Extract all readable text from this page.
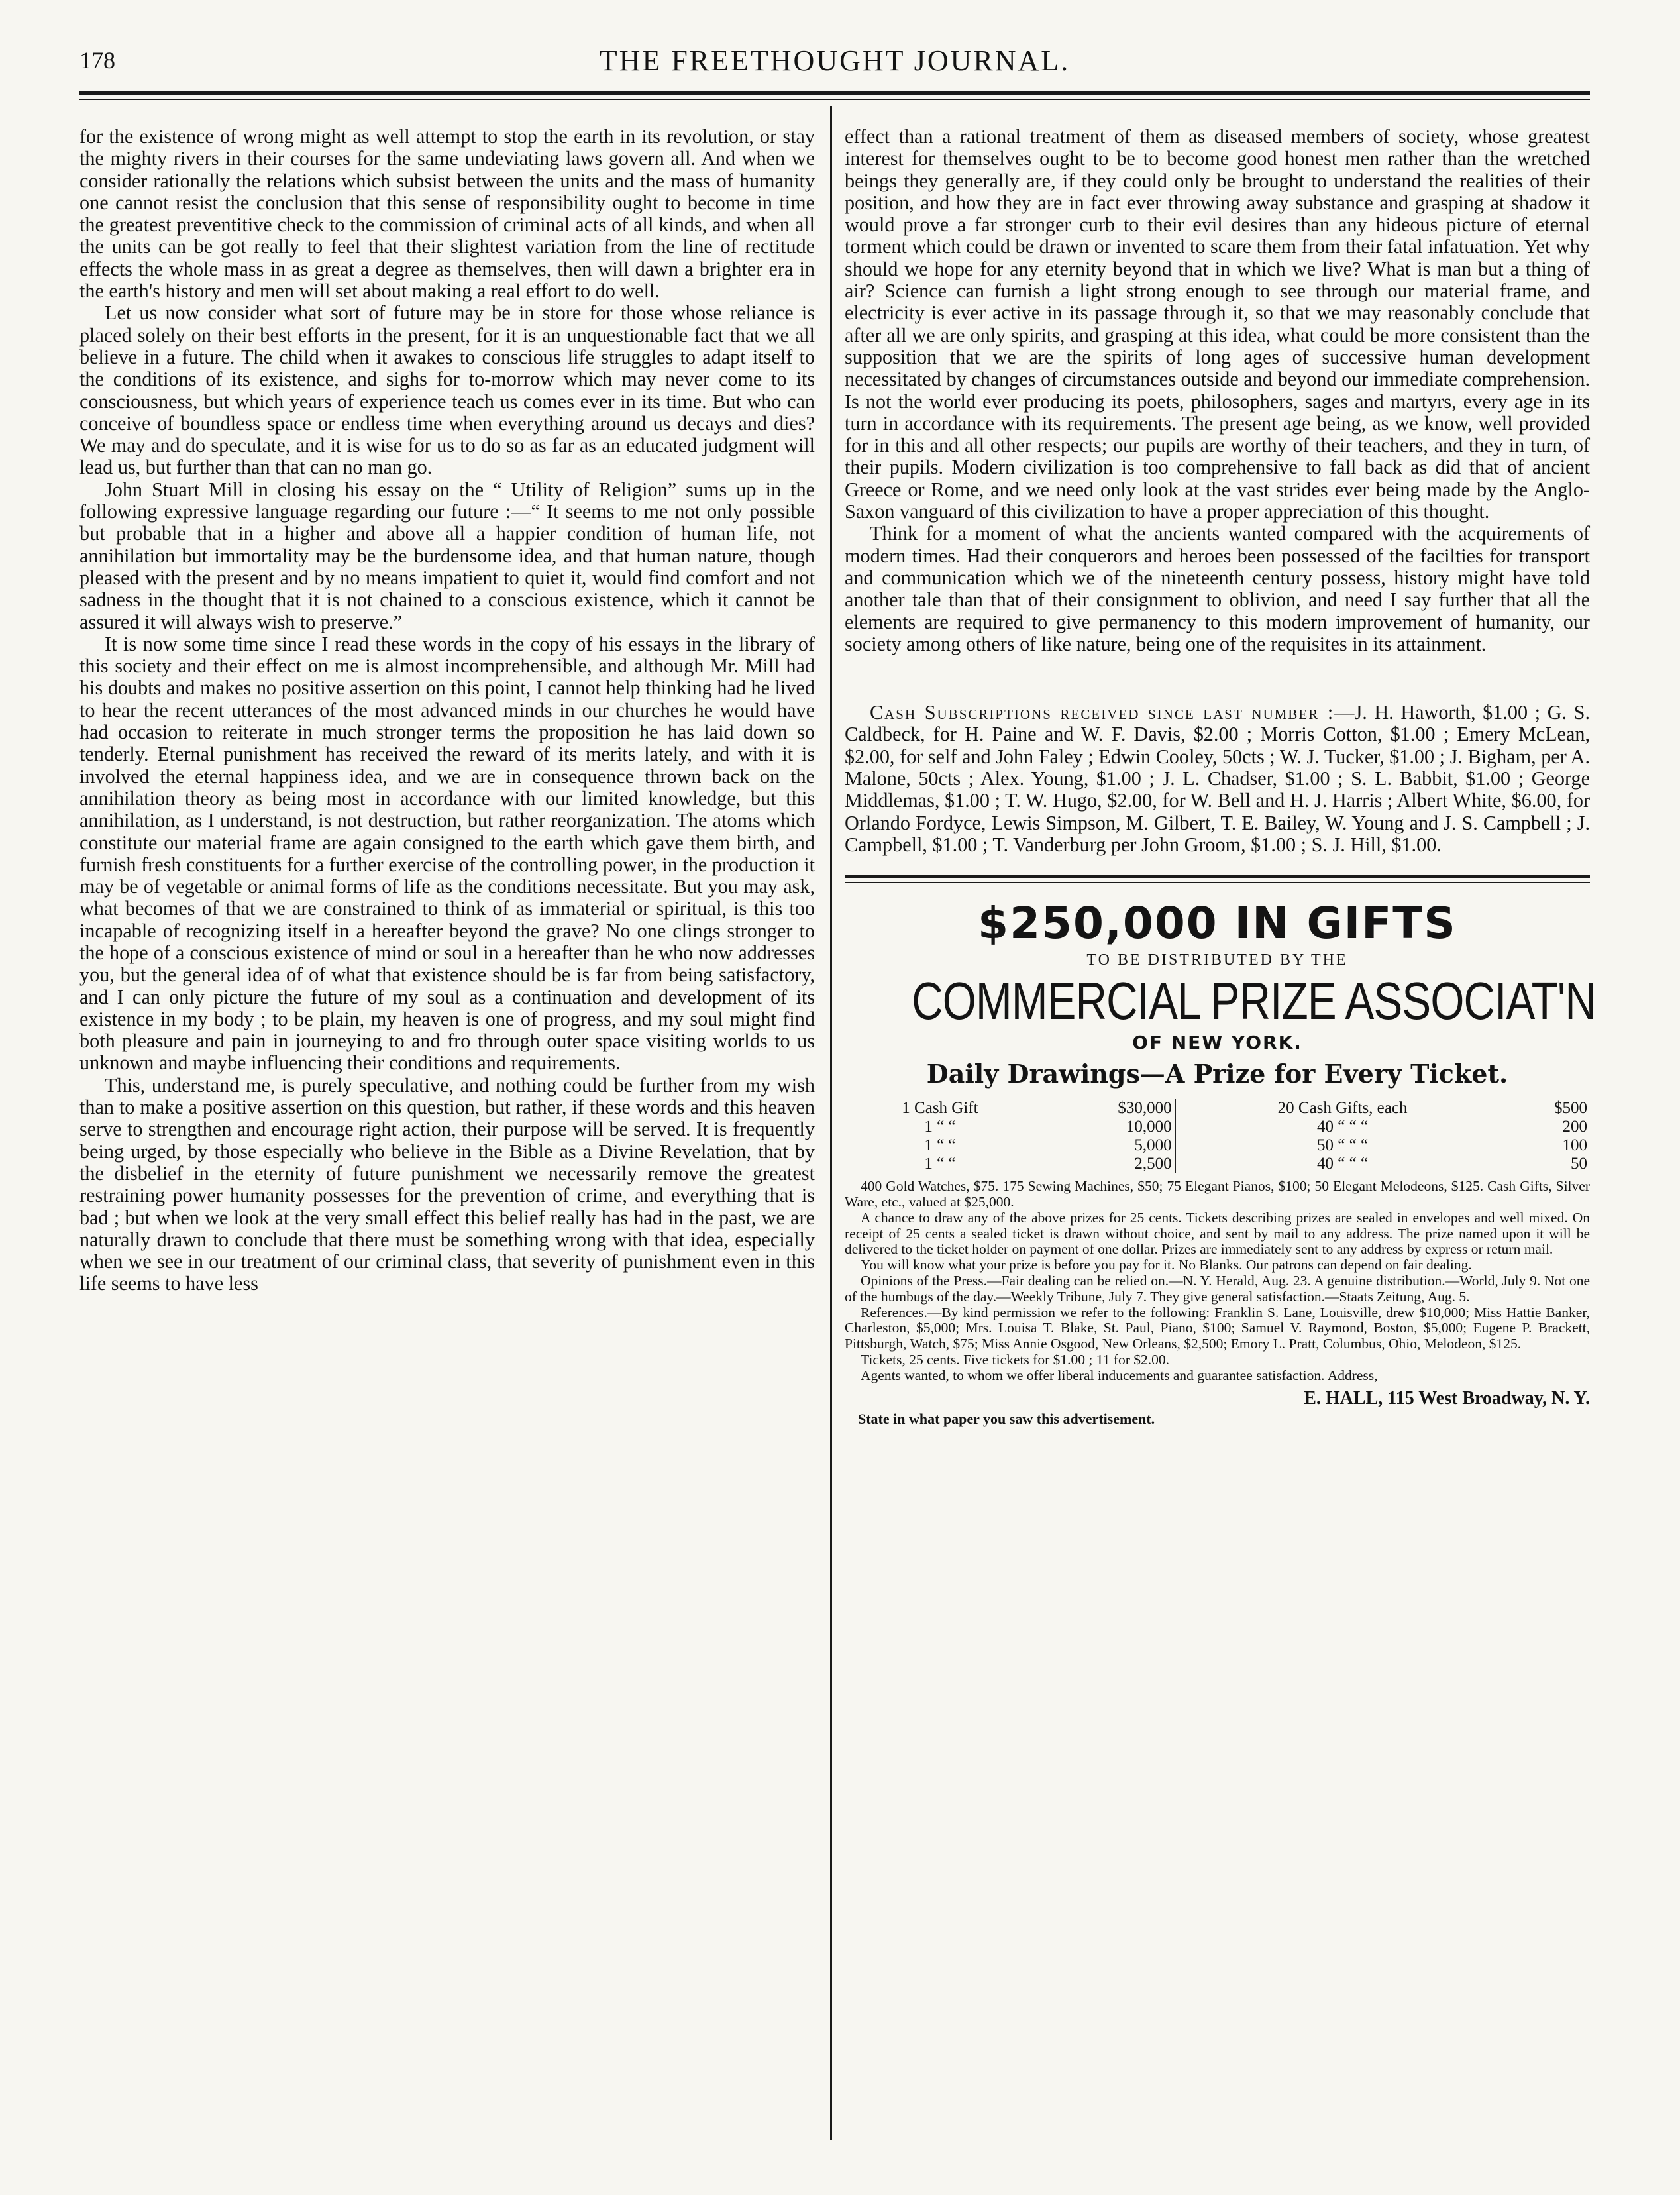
178	THE FREETHOUGHT JOURNAL.

for the existence of wrong might as well attempt to stop the earth in its revolution, or stay the mighty rivers in their courses for the same undeviating laws govern all. And when we consider rationally the relations which subsist between the units and the mass of humanity one cannot resist the conclusion that this sense of responsibility ought to become in time the greatest preventitive check to the commission of criminal acts of all kinds, and when all the units can be got really to feel that their slightest variation from the line of rectitude effects the whole mass in as great a degree as themselves, then will dawn a brighter era in the earth's history and men will set about making a real effort to do well.

Let us now consider what sort of future may be in store for those whose reliance is placed solely on their best efforts in the present, for it is an unquestionable fact that we all believe in a future. The child when it awakes to conscious life struggles to adapt itself to the conditions of its existence, and sighs for to-morrow which may never come to its consciousness, but which years of experience teach us comes ever in its time. But who can conceive of boundless space or endless time when everything around us decays and dies? We may and do speculate, and it is wise for us to do so as far as an educated judgment will lead us, but further than that can no man go.

John Stuart Mill in closing his essay on the “ Utility of Religion” sums up in the following expressive language regarding our future :—“ It seems to me not only possible but probable that in a higher and above all a happier condition of human life, not annihilation but immortality may be the burdensome idea, and that human nature, though pleased with the present and by no means impatient to quiet it, would find comfort and not sadness in the thought that it is not chained to a conscious existence, which it cannot be assured it will always wish to preserve.”

It is now some time since I read these words in the copy of his essays in the library of this society and their effect on me is almost incomprehensible, and although Mr. Mill had his doubts and makes no positive assertion on this point, I cannot help thinking had he lived to hear the recent utterances of the most advanced minds in our churches he would have had occasion to reiterate in much stronger terms the proposition he has laid down so tenderly. Eternal punishment has received the reward of its merits lately, and with it is involved the eternal happiness idea, and we are in consequence thrown back on the annihilation theory as being most in accordance with our limited knowledge, but this annihilation, as I understand, is not destruction, but rather reorganization. The atoms which constitute our material frame are again consigned to the earth which gave them birth, and furnish fresh constituents for a further exercise of the controlling power, in the production it may be of vegetable or animal forms of life as the conditions necessitate. But you may ask, what becomes of that we are constrained to think of as immaterial or spiritual, is this too incapable of recognizing itself in a hereafter beyond the grave? No one clings stronger to the hope of a conscious existence of mind or soul in a hereafter than he who now addresses you, but the general idea of of what that existence should be is far from being satisfactory, and I can only picture the future of my soul as a continuation and development of its existence in my body ; to be plain, my heaven is one of progress, and my soul might find both pleasure and pain in journeying to and fro through outer space visiting worlds to us unknown and maybe influencing their conditions and requirements.

This, understand me, is purely speculative, and nothing could be further from my wish than to make a positive assertion on this question, but rather, if these words and this heaven serve to strengthen and encourage right action, their purpose will be served. It is frequently being urged, by those especially who believe in the Bible as a Divine Revelation, that by the disbelief in the eternity of future punishment we necessarily remove the greatest restraining power humanity possesses for the prevention of crime, and everything that is bad ; but when we look at the very small effect this belief really has had in the past, we are naturally drawn to conclude that there must be something wrong with that idea, especially when we see in our treatment of our criminal class, that severity of punishment even in this life seems to have less

effect than a rational treatment of them as diseased members of society, whose greatest interest for themselves ought to be to become good honest men rather than the wretched beings they generally are, if they could only be brought to understand the realities of their position, and how they are in fact ever throwing away substance and grasping at shadow it would prove a far stronger curb to their evil desires than any hideous picture of eternal torment which could be drawn or invented to scare them from their fatal infatuation. Yet why should we hope for any eternity beyond that in which we live? What is man but a thing of air? Science can furnish a light strong enough to see through our material frame, and electricity is ever active in its passage through it, so that we may reasonably conclude that after all we are only spirits, and grasping at this idea, what could be more consistent than the supposition that we are the spirits of long ages of successive human development necessitated by changes of circumstances outside and beyond our immediate comprehension. Is not the world ever producing its poets, philosophers, sages and martyrs, every age in its turn in accordance with its requirements. The present age being, as we know, well provided for in this and all other respects; our pupils are worthy of their teachers, and they in turn, of their pupils. Modern civilization is too comprehensive to fall back as did that of ancient Greece or Rome, and we need only look at the vast strides ever being made by the Anglo-Saxon vanguard of this civilization to have a proper appreciation of this thought.

Think for a moment of what the ancients wanted compared with the acquirements of modern times. Had their conquerors and heroes been possessed of the facilties for transport and communication which we of the nineteenth century possess, history might have told another tale than that of their consignment to oblivion, and need I say further that all the elements are required to give permanency to this modern improvement of humanity, our society among others of like nature, being one of the requisites in its attainment.

Cash Subscriptions received since last number :—J. H. Haworth, $1.00 ; G. S. Caldbeck, for H. Paine and W. F. Davis, $2.00 ; Morris Cotton, $1.00 ; Emery McLean, $2.00, for self and John Faley ; Edwin Cooley, 50cts ; W. J. Tucker, $1.00 ; J. Bigham, per A. Malone, 50cts ; Alex. Young, $1.00 ; J. L. Chadser, $1.00 ; S. L. Babbit, $1.00 ; George Middlemas, $1.00 ; T. W. Hugo, $2.00, for W. Bell and H. J. Harris ; Albert White, $6.00, for Orlando Fordyce, Lewis Simpson, M. Gilbert, T. E. Bailey, W. Young and J. S. Campbell ; J. Campbell, $1.00 ; T. Vanderburg per John Groom, $1.00 ; S. J. Hill, $1.00.
$250,000 IN GIFTS
TO BE DISTRIBUTED BY THE
COMMERCIAL PRIZE ASSOCIAT'N
OF NEW YORK.
Daily Drawings—A Prize for Every Ticket.
1 Cash Gift	$30,000		20 Cash Gifts, each	$500
1 “ “	10,000		40 “ “ “	200
1 “ “	5,000		50 “ “ “	100
1 “ “	2,500		40 “ “ “	50

400 Gold Watches, $75. 175 Sewing Machines, $50; 75 Elegant Pianos, $100; 50 Elegant Melodeons, $125. Cash Gifts, Silver Ware, etc., valued at $25,000.

A chance to draw any of the above prizes for 25 cents. Tickets describing prizes are sealed in envelopes and well mixed. On receipt of 25 cents a sealed ticket is drawn without choice, and sent by mail to any address. The prize named upon it will be delivered to the ticket holder on payment of one dollar. Prizes are immediately sent to any address by express or return mail.

You will know what your prize is before you pay for it. No Blanks. Our patrons can depend on fair dealing.

Opinions of the Press.—Fair dealing can be relied on.—N. Y. Herald, Aug. 23. A genuine distribution.—World, July 9. Not one of the humbugs of the day.—Weekly Tribune, July 7. They give general satisfaction.—Staats Zeitung, Aug. 5.

References.—By kind permission we refer to the following: Franklin S. Lane, Louisville, drew $10,000; Miss Hattie Banker, Charleston, $5,000; Mrs. Louisa T. Blake, St. Paul, Piano, $100; Samuel V. Raymond, Boston, $5,000; Eugene P. Brackett, Pittsburgh, Watch, $75; Miss Annie Osgood, New Orleans, $2,500; Emory L. Pratt, Columbus, Ohio, Melodeon, $125.

Tickets, 25 cents. Five tickets for $1.00 ; 11 for $2.00.

Agents wanted, to whom we offer liberal inducements and guarantee satisfaction. Address,

E. HALL, 115 West Broadway, N. Y.
State in what paper you saw this advertisement.
